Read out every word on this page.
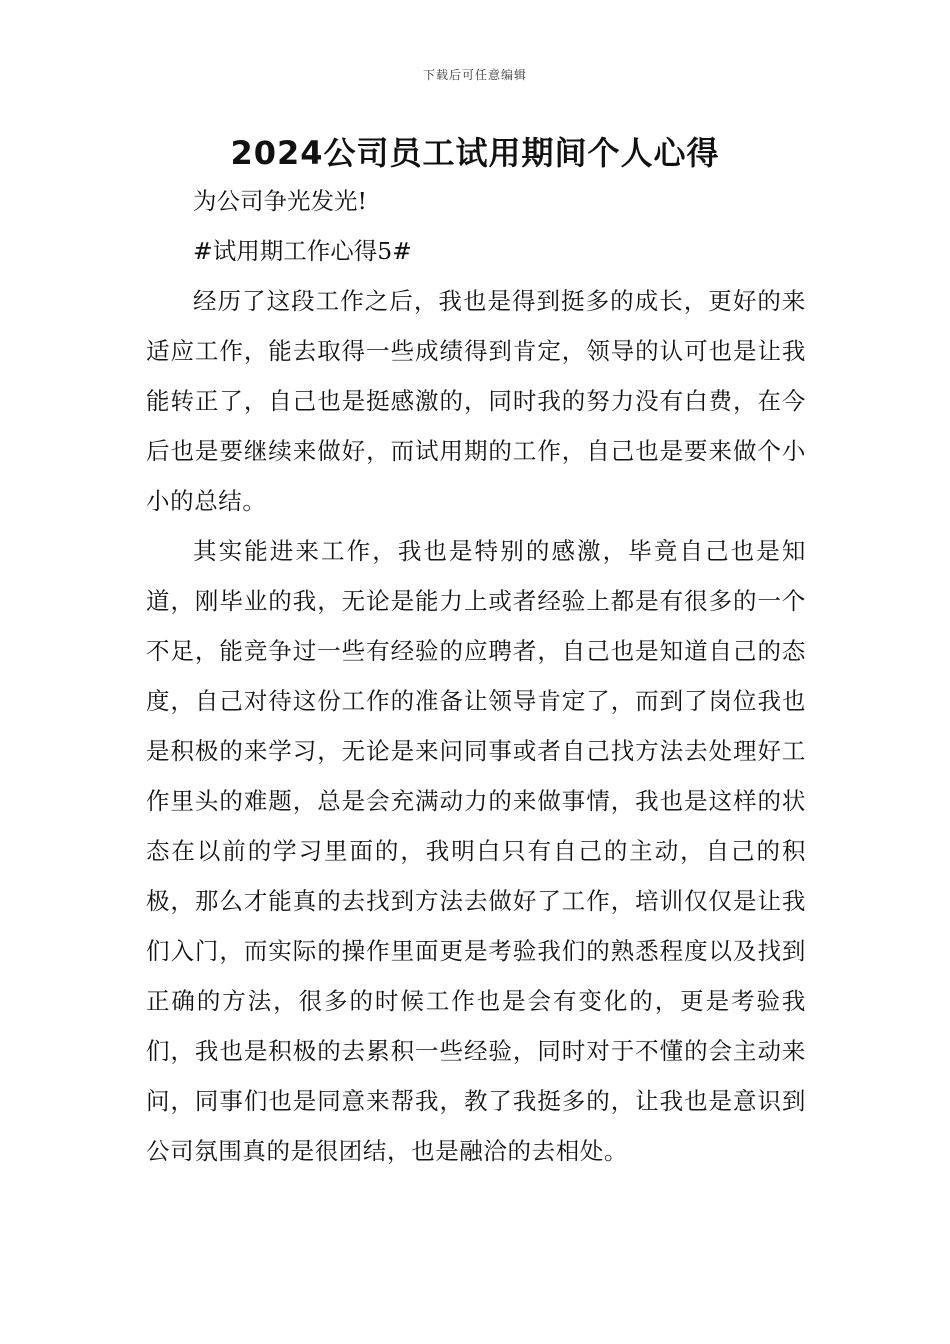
下载后可任意编辑
2024公司员工试用期间个人心得
为公司争光发光!
#试用期工作心得5#

经历了这段工作之后，我也是得到挺多的成长，更好的来适应工作，能去取得一些成绩得到肯定，领导的认可也是让我能转正了，自己也是挺感激的，同时我的努力没有白费，在今后也是要继续来做好，而试用期的工作，自己也是要来做个小小的总结。

其实能进来工作，我也是特别的感激，毕竟自己也是知道，刚毕业的我，无论是能力上或者经验上都是有很多的一个不足，能竞争过一些有经验的应聘者，自己也是知道自己的态度，自己对待这份工作的准备让领导肯定了，而到了岗位我也是积极的来学习，无论是来问同事或者自己找方法去处理好工作里头的难题，总是会充满动力的来做事情，我也是这样的状态在以前的学习里面的，我明白只有自己的主动，自己的积极，那么才能真的去找到方法去做好了工作，培训仅仅是让我们入门，而实际的操作里面更是考验我们的熟悉程度以及找到正确的方法，很多的时候工作也是会有变化的，更是考验我们，我也是积极的去累积一些经验，同时对于不懂的会主动来问，同事们也是同意来帮我，教了我挺多的，让我也是意识到公司氛围真的是很团结，也是融洽的去相处。
